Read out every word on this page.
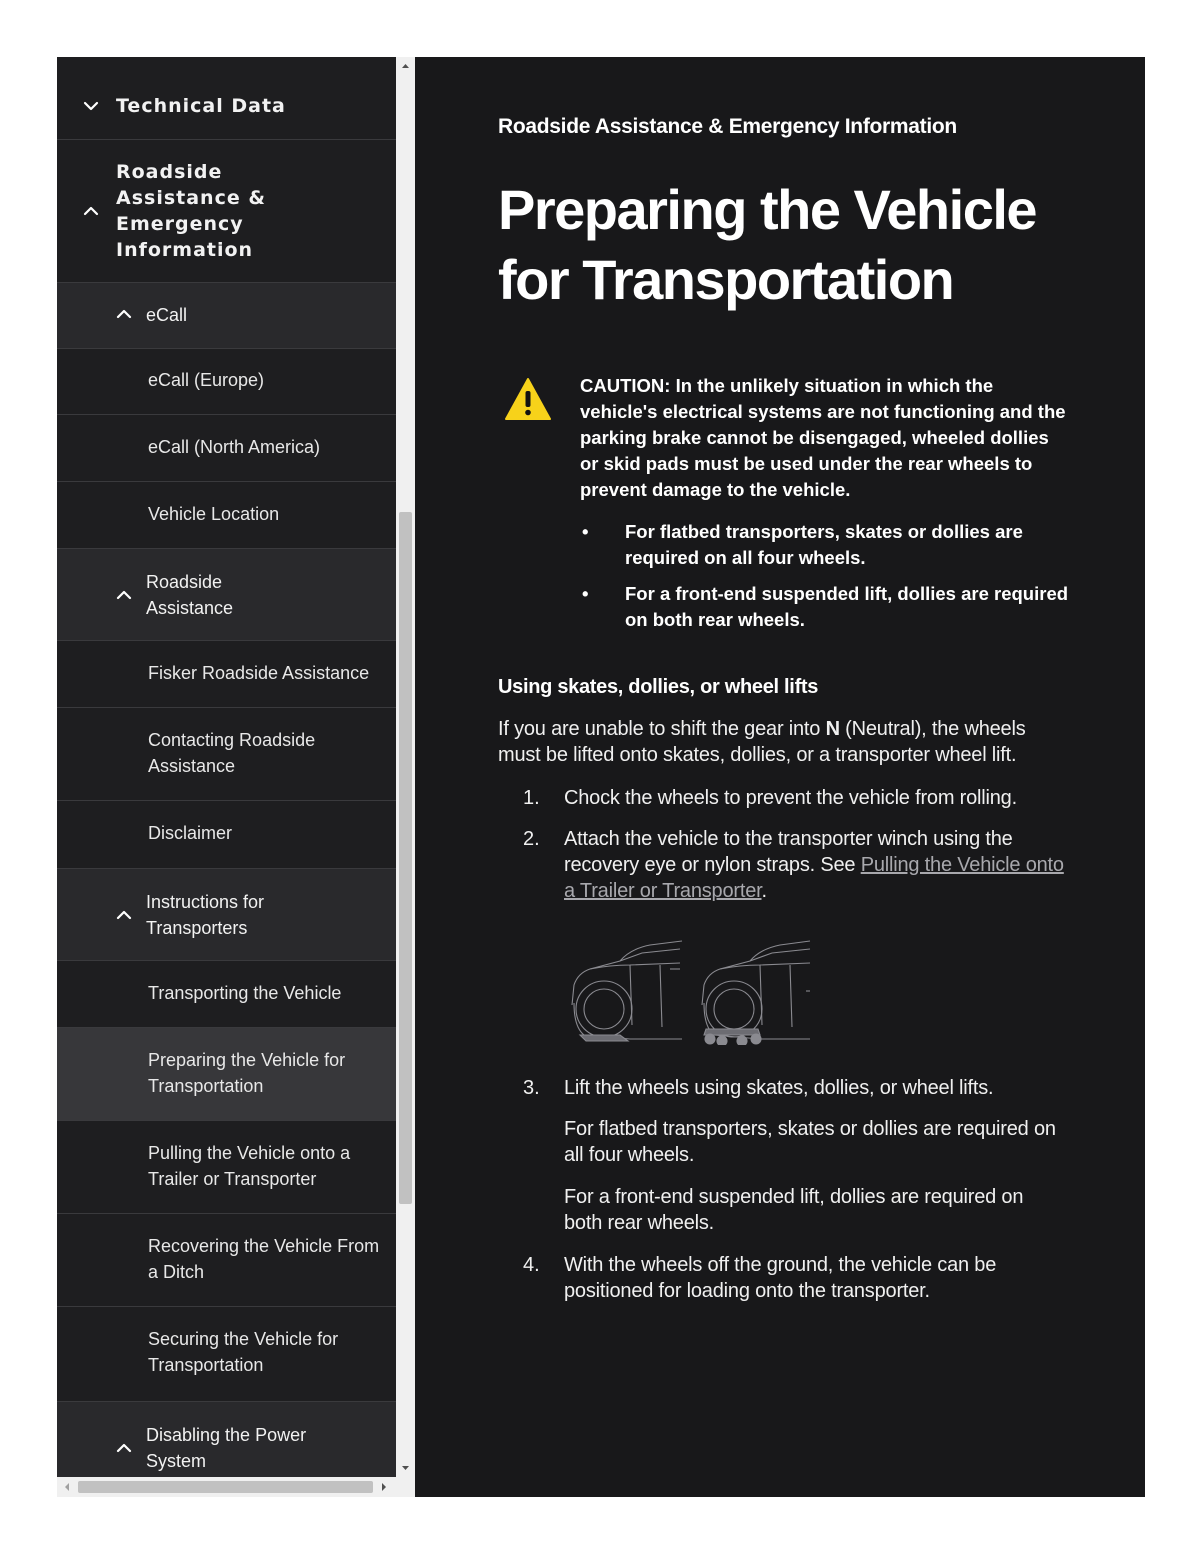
Technical Data
Roadside Assistance & Emergency Information
eCall
eCall (Europe)
eCall (North America)
Vehicle Location
Roadside Assistance
Fisker Roadside Assistance
Contacting Roadside Assistance
Disclaimer
Instructions for Transporters
Transporting the Vehicle
Preparing the Vehicle for Transportation
Pulling the Vehicle onto a Trailer or Transporter
Recovering the Vehicle From a Ditch
Securing the Vehicle for Transportation
Disabling the Power System
Roadside Assistance & Emergency Information
Preparing the Vehicle for Transportation

CAUTION: In the unlikely situation in which the vehicle's electrical systems are not functioning and the parking brake cannot be disengaged, wheeled dollies or skid pads must be used under the rear wheels to prevent damage to the vehicle.

• For flatbed transporters, skates or dollies are required on all four wheels.
• For a front-end suspended lift, dollies are required on both rear wheels.
Using skates, dollies, or wheel lifts

If you are unable to shift the gear into N (Neutral), the wheels must be lifted onto skates, dollies, or a transporter wheel lift.

1. Chock the wheels to prevent the vehicle from rolling.

2. Attach the vehicle to the transporter winch using the recovery eye or nylon straps. See Pulling the Vehicle onto a Trailer or Transporter.

3. Lift the wheels using skates, dollies, or wheel lifts.

For flatbed transporters, skates or dollies are required on all four wheels.

For a front-end suspended lift, dollies are required on both rear wheels.

4. With the wheels off the ground, the vehicle can be positioned for loading onto the transporter.
